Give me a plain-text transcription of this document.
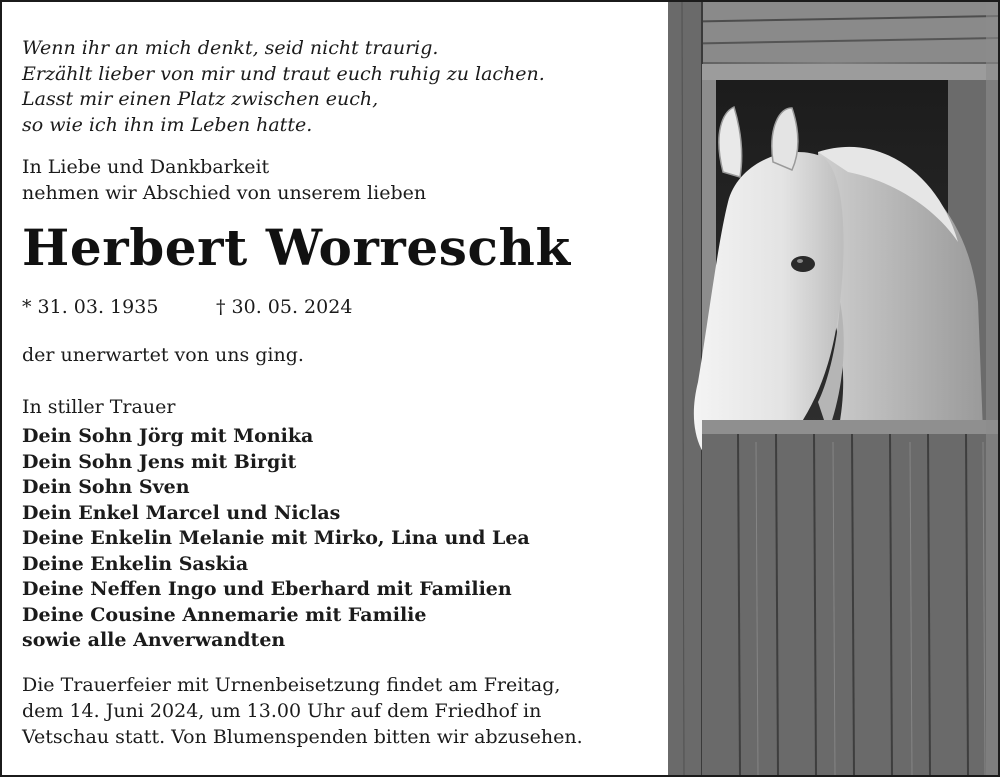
Wenn ihr an mich denkt, seid nicht traurig.
Erzählt lieber von mir und traut euch ruhig zu lachen.
Lasst mir einen Platz zwischen euch,
so wie ich ihn im Leben hatte.
In Liebe und Dankbarkeit
nehmen wir Abschied von unserem lieben
Herbert Worreschk
* 31. 03. 1935	† 30. 05. 2024
der unerwartet von uns ging.
In stiller Trauer
Dein Sohn Jörg mit Monika
Dein Sohn Jens mit Birgit
Dein Sohn Sven
Dein Enkel Marcel und Niclas
Deine Enkelin Melanie mit Mirko, Lina und Lea
Deine Enkelin Saskia
Deine Neffen Ingo und Eberhard mit Familien
Deine Cousine Annemarie mit Familie
sowie alle Anverwandten
Die Trauerfeier mit Urnenbeisetzung findet am Freitag,
dem 14. Juni 2024, um 13.00 Uhr auf dem Friedhof in
Vetschau statt. Von Blumenspenden bitten wir abzusehen.
